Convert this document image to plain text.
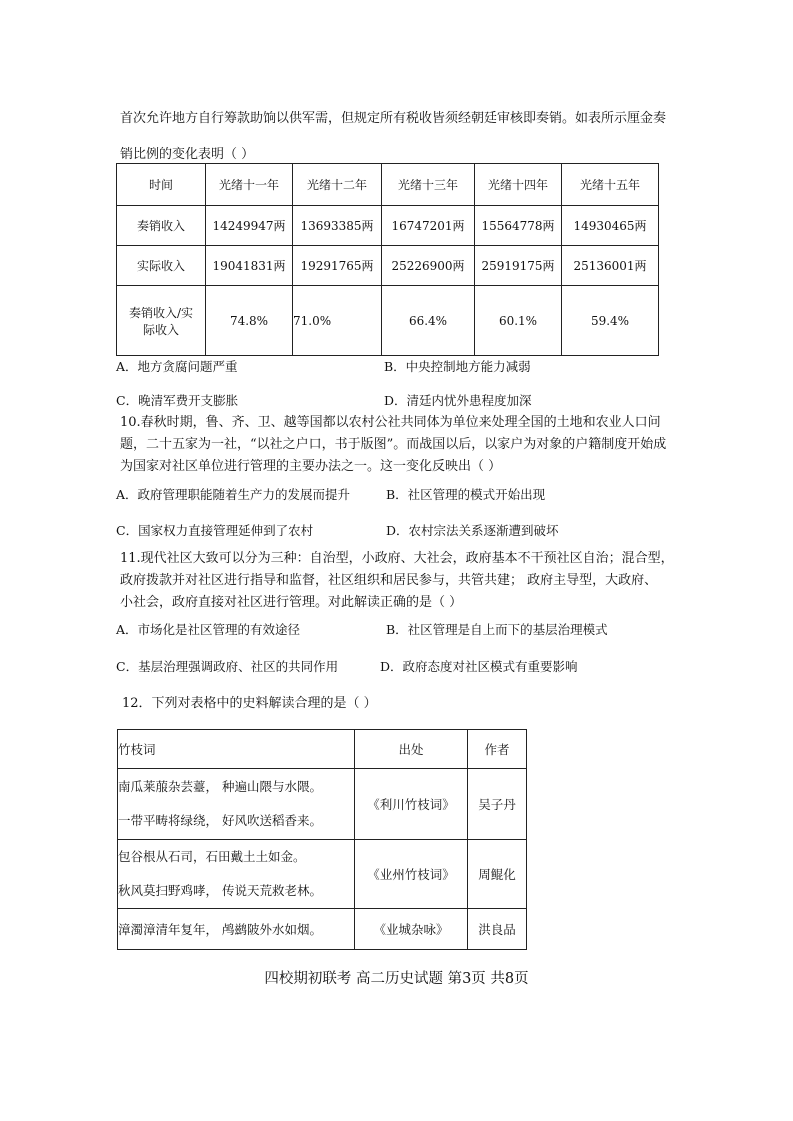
首次允许地方自行筹款助饷以供军需，但规定所有税收皆须经朝廷审核即奏销。如表所示厘金奏
销比例的变化表明（ ）
时间	光绪十一年	光绪十二年	光绪十三年	光绪十四年	光绪十五年
奏销收入	14249947两	13693385两	16747201两	15564778两	14930465两
实际收入	19041831两	19291765两	25226900两	25919175两	25136001两

奏销收入/实
际收入	74.8%	71.0%	66.4%	60.1%	59.4%
A．地方贪腐问题严重	B．中央控制地方能力减弱
C．晚清军费开支膨胀	D．清廷内忧外患程度加深
10.春秋时期，鲁、齐、卫、越等国都以农村公社共同体为单位来处理全国的土地和农业人口问
题，二十五家为一社，“以社之户口，书于版图”。而战国以后，以家户为对象的户籍制度开始成
为国家对社区单位进行管理的主要办法之一。这一变化反映出（ ）
A．政府管理职能随着生产力的发展而提升	B．社区管理的模式开始出现
C．国家权力直接管理延伸到了农村	D．农村宗法关系逐渐遭到破坏
11.现代社区大致可以分为三种：自治型，小政府、大社会，政府基本不干预社区自治；混合型，
政府拨款并对社区进行指导和监督，社区组织和居民参与，共管共建； 政府主导型，大政府、
小社会，政府直接对社区进行管理。对此解读正确的是（ ）
A．市场化是社区管理的有效途径	B．社区管理是自上而下的基层治理模式
C．基层治理强调政府、社区的共同作用	D．政府态度对社区模式有重要影响
12．下列对表格中的史料解读合理的是（ ）
竹枝词	出处	作者

南瓜莱菔杂芸薹， 种遍山隈与水隈。
一带平畴将绿绕， 好风吹送稻香来。	《利川竹枝词》	吴子丹

包谷根从石司，石田戴土土如金。
秋风莫扫野鸡哮， 传说天荒救老林。	《业州竹枝词》	周鲲化

漳濁漳清年复年， 鸬鹚陂外水如烟。	《业城杂咏》	洪良品
四校期初联考 高二历史试题 第3页 共8页
